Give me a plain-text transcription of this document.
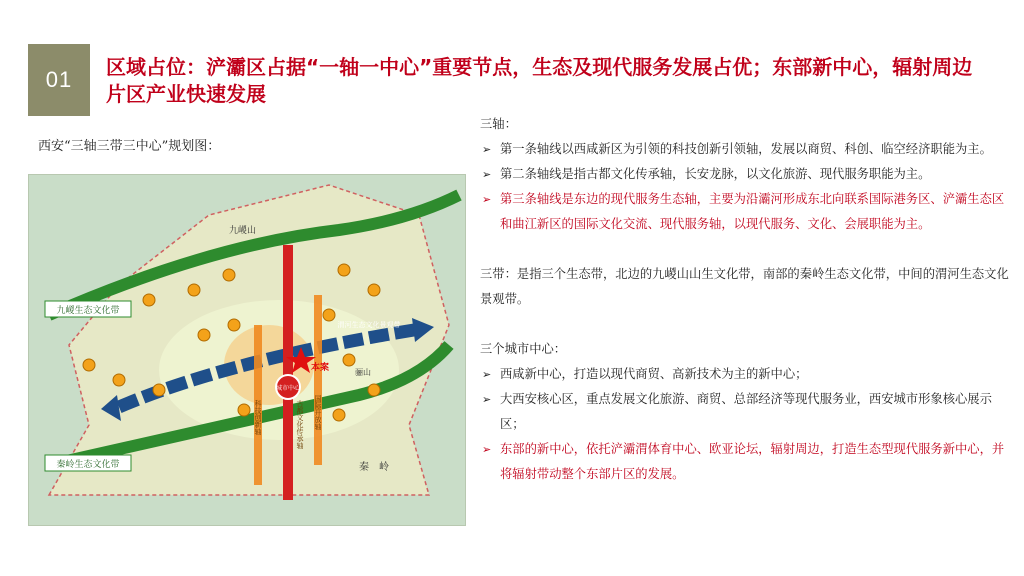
01	区域占位：浐灞区占据“一轴一中心”重要节点，生态及现代服务发展占优；东部新中心，辐射周边片区产业快速发展
西安“三轴三带三中心”规划图：
九嵕生态文化带
秦岭生态文化带
渭河生态文化景观带
九嵕山
秦　岭
骊山
本案
城市中心
科技创新轴	古都文化传承轴 国际开放轴

三轴：

➢ 第一条轴线以西咸新区为引领的科技创新引领轴，发展以商贸、科创、临空经济职能为主。

➢ 第二条轴线是指古都文化传承轴，长安龙脉，以文化旅游、现代服务职能为主。

➢ 第三条轴线是东边的现代服务生态轴，主要为沿灞河形成东北向联系国际港务区、浐灞生态区和曲江新区的国际文化交流、现代服务轴，以现代服务、文化、会展职能为主。

三带：是指三个生态带，北边的九嵕山山生文化带，南部的秦岭生态文化带，中间的渭河生态文化景观带。

三个城市中心：

➢ 西咸新中心，打造以现代商贸、高新技术为主的新中心；

➢ 大西安核心区，重点发展文化旅游、商贸、总部经济等现代服务业，西安城市形象核心展示区；

➢ 东部的新中心，依托浐灞渭体育中心、欧亚论坛，辐射周边，打造生态型现代服务新中心，并将辐射带动整个东部片区的发展。
